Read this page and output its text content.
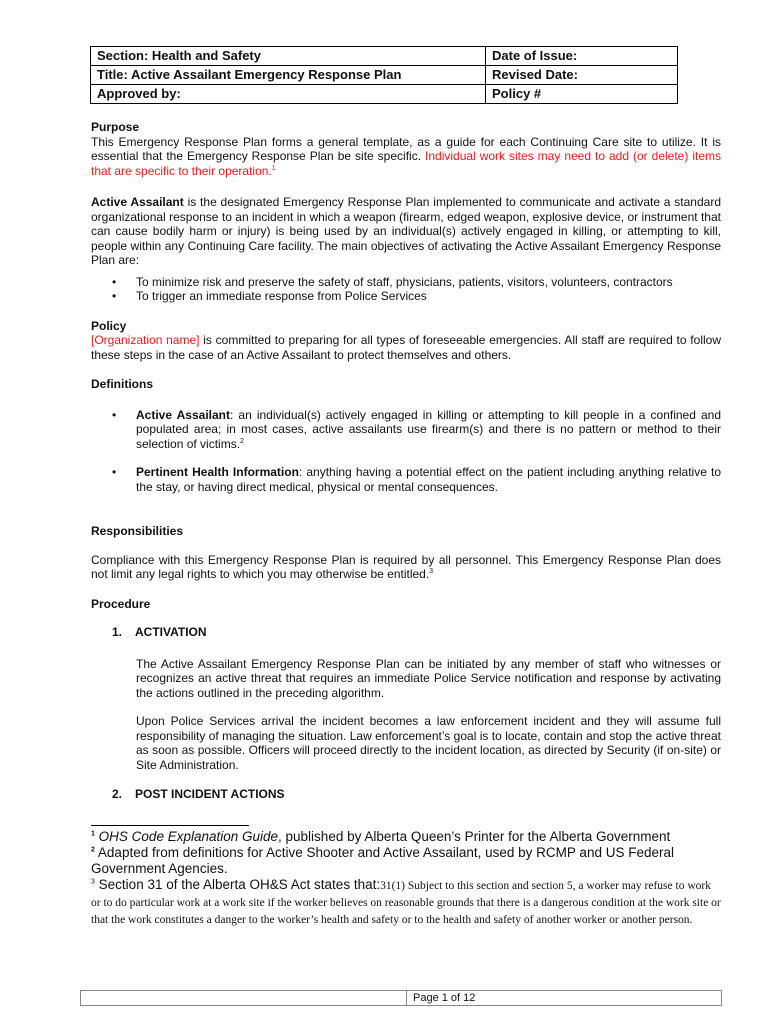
Section: Health and Safety	Date of Issue:
Title: Active Assailant Emergency Response Plan	Revised Date:
Approved by:	Policy #

Purpose

This Emergency Response Plan forms a general template, as a guide for each Continuing Care site to utilize. It is essential that the Emergency Response Plan be site specific. Individual work sites may need to add (or delete) items that are specific to their operation.$^1$

Active Assailant is the designated Emergency Response Plan implemented to communicate and activate a standard organizational response to an incident in which a weapon (firearm, edged weapon, explosive device, or instrument that can cause bodily harm or injury) is being used by an individual(s) actively engaged in killing, or attempting to kill, people within any Continuing Care facility. The main objectives of activating the Active Assailant Emergency Response Plan are:

• To minimize risk and preserve the safety of staff, physicians, patients, visitors, volunteers, contractors
• To trigger an immediate response from Police Services

Policy

[Organization name] is committed to preparing for all types of foreseeable emergencies. All staff are required to follow these steps in the case of an Active Assailant to protect themselves and others.

Definitions

• Active Assailant: an individual(s) actively engaged in killing or attempting to kill people in a confined and populated area; in most cases, active assailants use firearm(s) and there is no pattern or method to their selection of victims.$^2$
• Pertinent Health Information: anything having a potential effect on the patient including anything relative to the stay, or having direct medical, physical or mental consequences.

Responsibilities

Compliance with this Emergency Response Plan is required by all personnel. This Emergency Response Plan does not limit any legal rights to which you may otherwise be entitled.$^3$

Procedure

1. ACTIVATION

The Active Assailant Emergency Response Plan can be initiated by any member of staff who witnesses or recognizes an active threat that requires an immediate Police Service notification and response by activating the actions outlined in the preceding algorithm.

Upon Police Services arrival the incident becomes a law enforcement incident and they will assume full responsibility of managing the situation. Law enforcement’s goal is to locate, contain and stop the active threat as soon as possible. Officers will proceed directly to the incident location, as directed by Security (if on-site) or Site Administration.

2. POST INCIDENT ACTIONS

$^1$ OHS Code Explanation Guide, published by Alberta Queen’s Printer for the Alberta Government

$^2$ Adapted from definitions for Active Shooter and Active Assailant, used by RCMP and US Federal Government Agencies.

$^3$ Section 31 of the Alberta OH&S Act states that:31(1) Subject to this section and section 5, a worker may refuse to work or to do particular work at a work site if the worker believes on reasonable grounds that there is a dangerous condition at the work site or that the work constitutes a danger to the worker’s health and safety or to the health and safety of another worker or another person.

Page 1 of 12
